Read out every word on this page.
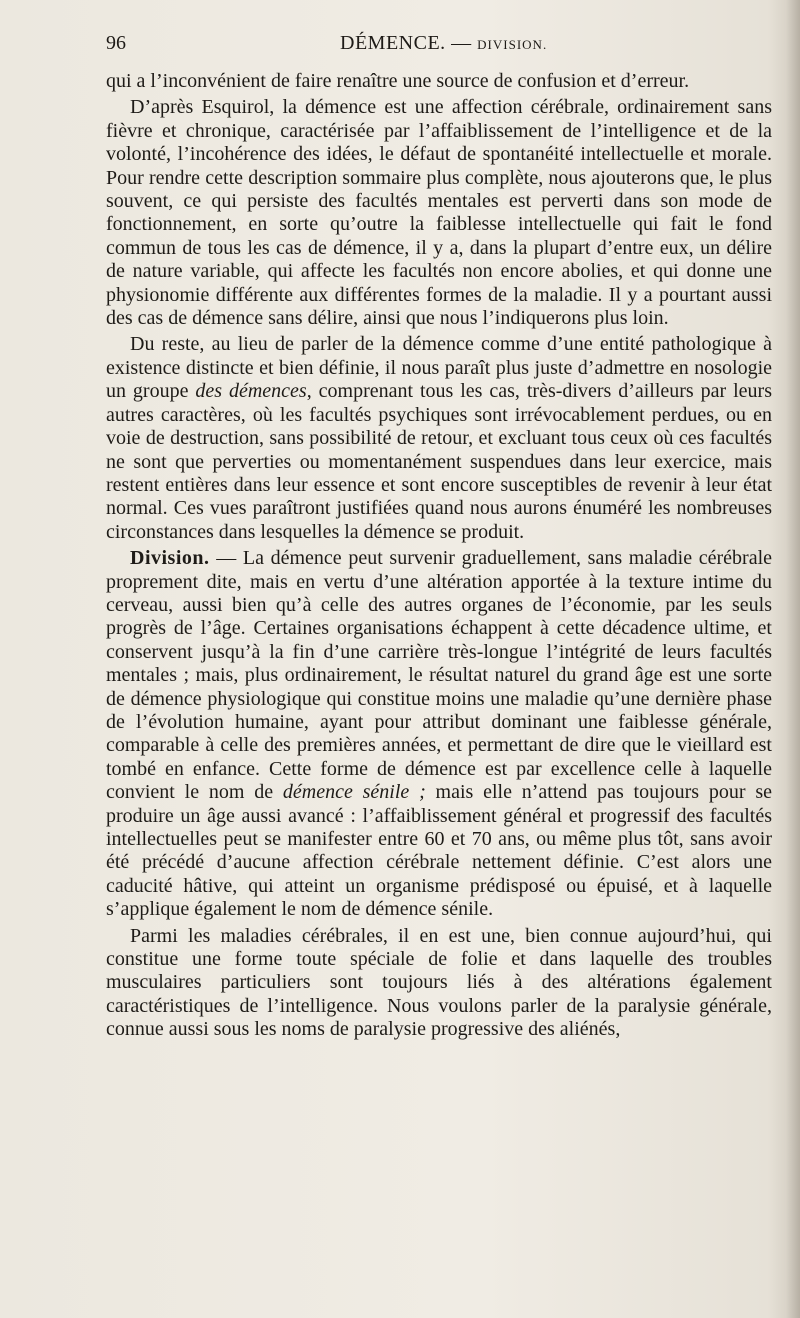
96	DÉMENCE. — DIVISION.

qui a l’inconvénient de faire renaître une source de confusion et d’erreur.

D’après Esquirol, la démence est une affection cérébrale, ordinairement sans fièvre et chronique, caractérisée par l’affaiblissement de l’intelligence et de la volonté, l’incohérence des idées, le défaut de spontanéité intellectuelle et morale. Pour rendre cette description sommaire plus complète, nous ajouterons que, le plus souvent, ce qui persiste des facultés mentales est perverti dans son mode de fonctionnement, en sorte qu’outre la faiblesse intellectuelle qui fait le fond commun de tous les cas de démence, il y a, dans la plupart d’entre eux, un délire de nature variable, qui affecte les facultés non encore abolies, et qui donne une physionomie différente aux différentes formes de la maladie. Il y a pourtant aussi des cas de démence sans délire, ainsi que nous l’indiquerons plus loin.

Du reste, au lieu de parler de la démence comme d’une entité pathologique à existence distincte et bien définie, il nous paraît plus juste d’admettre en nosologie un groupe des démences, comprenant tous les cas, très-divers d’ailleurs par leurs autres caractères, où les facultés psychiques sont irrévocablement perdues, ou en voie de destruction, sans possibilité de retour, et excluant tous ceux où ces facultés ne sont que perverties ou momentanément suspendues dans leur exercice, mais restent entières dans leur essence et sont encore susceptibles de revenir à leur état normal. Ces vues paraîtront justifiées quand nous aurons énuméré les nombreuses circonstances dans lesquelles la démence se produit.

Division. — La démence peut survenir graduellement, sans maladie cérébrale proprement dite, mais en vertu d’une altération apportée à la texture intime du cerveau, aussi bien qu’à celle des autres organes de l’économie, par les seuls progrès de l’âge. Certaines organisations échappent à cette décadence ultime, et conservent jusqu’à la fin d’une carrière très-longue l’intégrité de leurs facultés mentales ; mais, plus ordinairement, le résultat naturel du grand âge est une sorte de démence physiologique qui constitue moins une maladie qu’une dernière phase de l’évolution humaine, ayant pour attribut dominant une faiblesse générale, comparable à celle des premières années, et permettant de dire que le vieillard est tombé en enfance. Cette forme de démence est par excellence celle à laquelle convient le nom de démence sénile ; mais elle n’attend pas toujours pour se produire un âge aussi avancé : l’affaiblissement général et progressif des facultés intellectuelles peut se manifester entre 60 et 70 ans, ou même plus tôt, sans avoir été précédé d’aucune affection cérébrale nettement définie. C’est alors une caducité hâtive, qui atteint un organisme prédisposé ou épuisé, et à laquelle s’applique également le nom de démence sénile.

Parmi les maladies cérébrales, il en est une, bien connue aujourd’hui, qui constitue une forme toute spéciale de folie et dans laquelle des troubles musculaires particuliers sont toujours liés à des altérations également caractéristiques de l’intelligence. Nous voulons parler de la paralysie générale, connue aussi sous les noms de paralysie progressive des aliénés,
